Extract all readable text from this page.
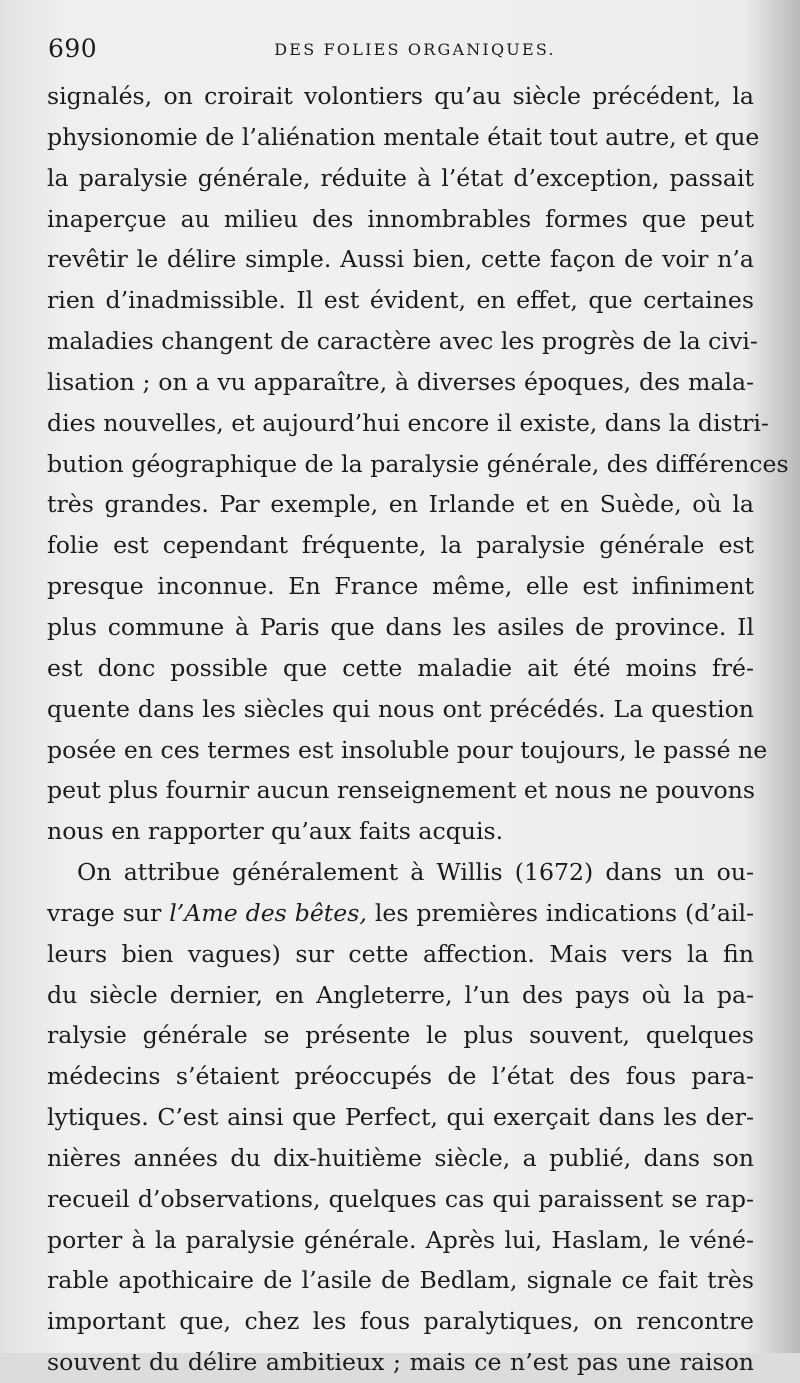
690	DES FOLIES ORGANIQUES.
signalés, on croirait volontiers qu’au siècle précédent, la
physionomie de l’aliénation mentale était tout autre, et que
la paralysie générale, réduite à l’état d’exception, passait
inaperçue au milieu des innombrables formes que peut
revêtir le délire simple. Aussi bien, cette façon de voir n’a
rien d’inadmissible. Il est évident, en effet, que certaines
maladies changent de caractère avec les progrès de la civi-
lisation ; on a vu apparaître, à diverses époques, des mala-
dies nouvelles, et aujourd’hui encore il existe, dans la distri-
bution géographique de la paralysie générale, des différences
très grandes. Par exemple, en Irlande et en Suède, où la
folie est cependant fréquente, la paralysie générale est
presque inconnue. En France même, elle est infiniment
plus commune à Paris que dans les asiles de province. Il
est donc possible que cette maladie ait été moins fré-
quente dans les siècles qui nous ont précédés. La question
posée en ces termes est insoluble pour toujours, le passé ne
peut plus fournir aucun renseignement et nous ne pouvons
nous en rapporter qu’aux faits acquis.
On attribue généralement à Willis (1672) dans un ou-
vrage sur l’Ame des bêtes, les premières indications (d’ail-
leurs bien vagues) sur cette affection. Mais vers la fin
du siècle dernier, en Angleterre, l’un des pays où la pa-
ralysie générale se présente le plus souvent, quelques
médecins s’étaient préoccupés de l’état des fous para-
lytiques. C’est ainsi que Perfect, qui exerçait dans les der-
nières années du dix-huitième siècle, a publié, dans son
recueil d’observations, quelques cas qui paraissent se rap-
porter à la paralysie générale. Après lui, Haslam, le véné-
rable apothicaire de l’asile de Bedlam, signale ce fait très
important que, chez les fous paralytiques, on rencontre
souvent du délire ambitieux ; mais ce n’est pas une raison
